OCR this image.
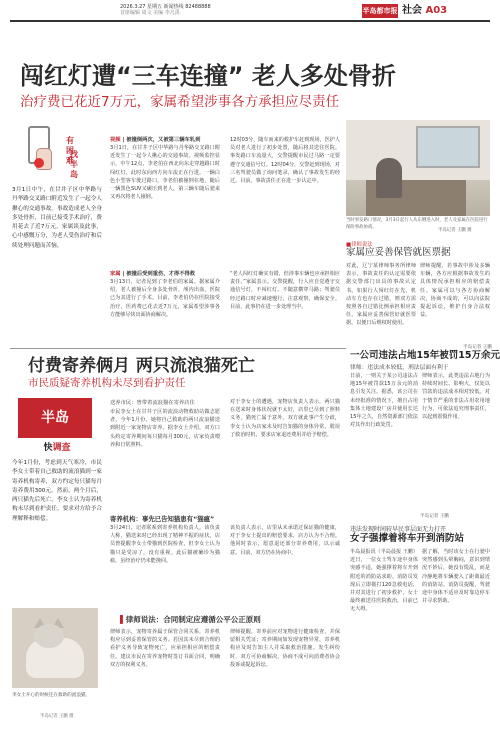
2026.3.27 星期五 新闻热线 82488888
首席编辑 周文 美编 李凡禹	半岛都市报 社会 A03
闯红灯遭“三车连撞” 老人多处骨折
治疗费已花近7万元，家属希望涉事各方承担应尽责任
有困难
3月1日中午，在甘井子区中华路与丹华路交叉路口附近发生了一起令人揪心的交通事故。事故造成老人全身多处骨折，目前已接受手术治疗，费用花去了近7万元。家属谈及此事，心中感慨万分，为老人受伤治疗和后续处理问题而苦恼。
找半岛
视频 | 被撞倒两次，又被第三辆车轧到
3月1日，在甘井子区中华路与丹华路交叉路口附近发生了一起令人揪心的交通事故。视频监控显示，中午12点，李老伯在西北向东走穿越路口时闯红灯，此时东向西方向车流正在行进。一辆白色小型客车驶过路口，李老伯被撞倒在地，随后一辆黑色SUV又碾压到老人，第三辆车随后驶来又再次将老人撞倒。
12时03分，随车而来的救护车赶到现场，医护人员对老人进行了初步处置，随后将其送往医院。事发路口车流量大，交警提醒市民过马路一定要遵守交通信号灯。12时04分，交警赶到现场，对三名驾驶员做了询问笔录，确认了事故发生的经过。目前，事故责任正在进一步认定中。
家属 | 被撞后受到重伤，才得不得救
3月13日，记者见到了李老伯的家属。据家属介绍，老人被撞后全身多处骨折，颅内出血，医院已为其进行了手术。目前，李老伯仍在医院接受治疗，医药费已花去近7万元，家属希望涉事各方能够尽快出面协商解决。
“老人闯红灯确实有错，但涉事车辆也应承担相应责任。”家属表示。交警提醒，行人应自觉遵守交通信号灯，不闯红灯、不随意横穿马路；驾驶员经过路口时应减速慢行，注意观察，确保安全。目前，此事仍在进一步处理当中。
当时事发路口情况，3月3日起行人从东侧进入时，老人及家属在医院进行保险事故协商。
半岛记者 王鹏 摄
■律师说法
家属应妥善保管就医票据
对此，辽宁某律师事务所律师表示，事故责任的认定需要依据交警部门出具的事故认定书。如果行人闯红灯在先，机动车方也存在过错，则双方需按照各自过错比例承担相应责任。家属应妥善保管好就医票据，以便日后维权时使用。
律师提醒，若事故中涉及多辆车辆，各方应根据事故发生的具体情况承担相应的赔偿责任。家属可以与各方协商解决，协商不成的，可以向法院提起诉讼，维护自身合法权益。
半岛记者 王鹏
付费寄养俩月 两只流浪猫死亡
市民质疑寄养机构未尽到看护责任
半岛
快调查
今年1月份，考虑到天气寒冷，市民李女士带着自己救助的流浪猫到一家寄养机构寄养，双方约定每只猫每月寄养费用300元。然而，两个月后，两只猫先后死亡。李女士认为寄养机构未尽到看护责任，要求对方给予合理解释和赔偿。
李女士开心的时候还在救助的流浪猫。
半岛记者 王鹏 摄
送养市民：曾带着流浪猫在寄养店住
市民李女士在甘井子区的流浪动物救助站做志愿者，今年1月份，她将自己救助的两只流浪猫送到附近一家宠物店寄养。据李女士介绍，双方口头约定寄养期间每只猫每月300元，店家负责喂养和日常照料。
对于李女士的遭遇，宠物店负责人表示，两只猫在送来时身体状况就不太好，店里已尽到了照料义务，猫死亡属于意外。双方就此事产生分歧，李女士认为店家未及时告知猫的身体异常，耽误了救治时机，要求店家退还费用并给予赔偿。
寄养机构：事先已告知猫患有“猫瘟”
3月24日，记者联系到寄养机构负责人。该负责人称，猫送来时已经出现了精神不振的症状，店员曾提醒李女士带猫到医院检查，但李女士认为猫只是受凉了，没有重视。此后猫被确诊为猫瘟，虽经治疗仍未能挽回。
该负责人表示，店里从未承诺过保证猫的健康，对于李女士提出的赔偿要求，店方认为不合理。他同时表示，愿意退还部分寄养费用，以示诚意。目前，双方仍在协商中。
▌律师说法：合同制定应遵循公平公正原则
律师表示，宠物寄养属于保管合同关系，寄养机构应尽到妥善保管的义务。若因其未尽到合理的看护义务导致宠物死亡，应承担相应的赔偿责任。建议市民在寄养宠物时签订书面合同，明确双方的权利义务。
律师提醒，寄养前应对宠物进行健康检查，并保留相关凭证；寄养期间如发现宠物异常，寄养机构应及时告知主人并采取救治措施。发生纠纷时，双方可协商解决，协商不成可向消费者协会投诉或提起诉讼。
一公司违法占地15年被罚15万余元
律师：违法成本较低，刑法层面有利于
日前，一则关于某公司违法占地15年被罚款15万余元的消息引发关注。据悉，该公司在未经批准的情况下，擅自占用集体土地建设厂房并使用长达15年之久，自然资源部门依法对其作出行政处罚。
律师表示，此类违法占地行为持续时间长、影响大，仅处以罚款的违法成本相对较低。对于情节严重的非法占用农用地行为，可依法追究刑事责任，以起到震慑作用。
半岛记者 王鹏
违法发现时间较早民事层面无力打开
女子强撑着将车开到消防站
半岛晨报讯（半岛晨报 王鹏）近日，一位女士驾车途中身体突感不适，她强撑着将车开到附近的消防站求助。消防员发现后立即拨打120急救电话，并对其进行了初步救护，女士最终被送往医院救治，目前已无大碍。
据了解，当时该女士在行驶中突然感到头晕胸闷，意识到情况不妙后，她没有慌乱，而是冷静地将车辆驶入了距离最近的消防站。消防员提醒，驾驶途中身体不适应及时靠边停车并寻求帮助。
